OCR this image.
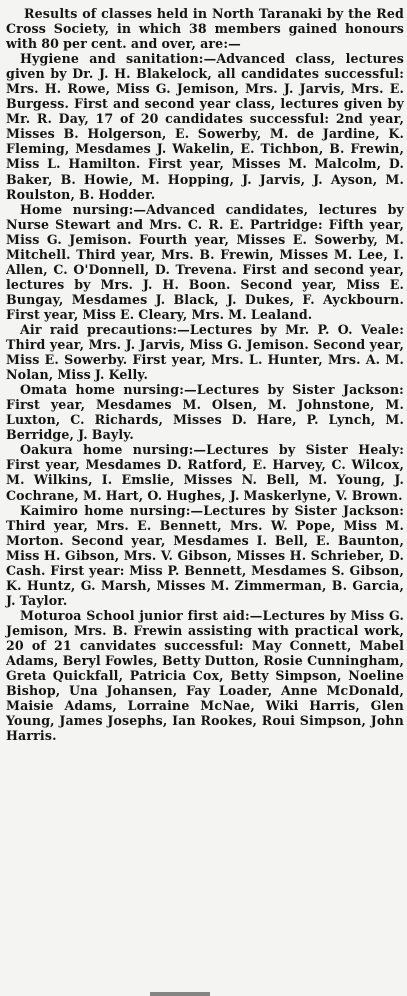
Results of classes held in North Taranaki by the Red Cross Society, in which 38 members gained honours with 80 per cent. and over, are:—

Hygiene and sanitation:—Advanced class, lectures given by Dr. J. H. Blakelock, all candidates successful: Mrs. H. Rowe, Miss G. Jemison, Mrs. J. Jarvis, Mrs. E. Burgess. First and second year class, lectures given by Mr. R. Day, 17 of 20 candidates successful: 2nd year, Misses B. Holgerson, E. Sowerby, M. de Jardine, K. Fleming, Mesdames J. Wakelin, E. Tichbon, B. Frewin, Miss L. Hamilton. First year, Misses M. Malcolm, D. Baker, B. Howie, M. Hopping, J. Jarvis, J. Ayson, M. Roulston, B. Hodder.

Home nursing:—Advanced candidates, lectures by Nurse Stewart and Mrs. C. R. E. Partridge: Fifth year, Miss G. Jemison. Fourth year, Misses E. Sowerby, M. Mitchell. Third year, Mrs. B. Frewin, Misses M. Lee, I. Allen, C. O'Donnell, D. Trevena. First and second year, lectures by Mrs. J. H. Boon. Second year, Miss E. Bungay, Mesdames J. Black, J. Dukes, F. Ayckbourn. First year, Miss E. Cleary, Mrs. M. Lealand.

Air raid precautions:—Lectures by Mr. P. O. Veale: Third year, Mrs. J. Jarvis, Miss G. Jemison. Second year, Miss E. Sowerby. First year, Mrs. L. Hunter, Mrs. A. M. Nolan, Miss J. Kelly.

Omata home nursing:—Lectures by Sister Jackson: First year, Mesdames M. Olsen, M. Johnstone, M. Luxton, C. Richards, Misses D. Hare, P. Lynch, M. Berridge, J. Bayly.

Oakura home nursing:—Lectures by Sister Healy: First year, Mesdames D. Ratford, E. Harvey, C. Wilcox, M. Wilkins, I. Emslie, Misses N. Bell, M. Young, J. Cochrane, M. Hart, O. Hughes, J. Maskerlyne, V. Brown.

Kaimiro home nursing:—Lectures by Sister Jackson: Third year, Mrs. E. Bennett, Mrs. W. Pope, Miss M. Morton. Second year, Mesdames I. Bell, E. Baunton, Miss H. Gibson, Mrs. V. Gibson, Misses H. Schrieber, D. Cash. First year: Miss P. Bennett, Mesdames S. Gibson, K. Huntz, G. Marsh, Misses M. Zimmerman, B. Garcia, J. Taylor.

Moturoa School junior first aid:—Lectures by Miss G. Jemison, Mrs. B. Frewin assisting with practical work, 20 of 21 canvidates successful: May Connett, Mabel Adams, Beryl Fowles, Betty Dutton, Rosie Cunningham, Greta Quickfall, Patricia Cox, Betty Simpson, Noeline Bishop, Una Johansen, Fay Loader, Anne McDonald, Maisie Adams, Lorraine McNae, Wiki Harris, Glen Young, James Josephs, Ian Rookes, Roui Simpson, John Harris.
